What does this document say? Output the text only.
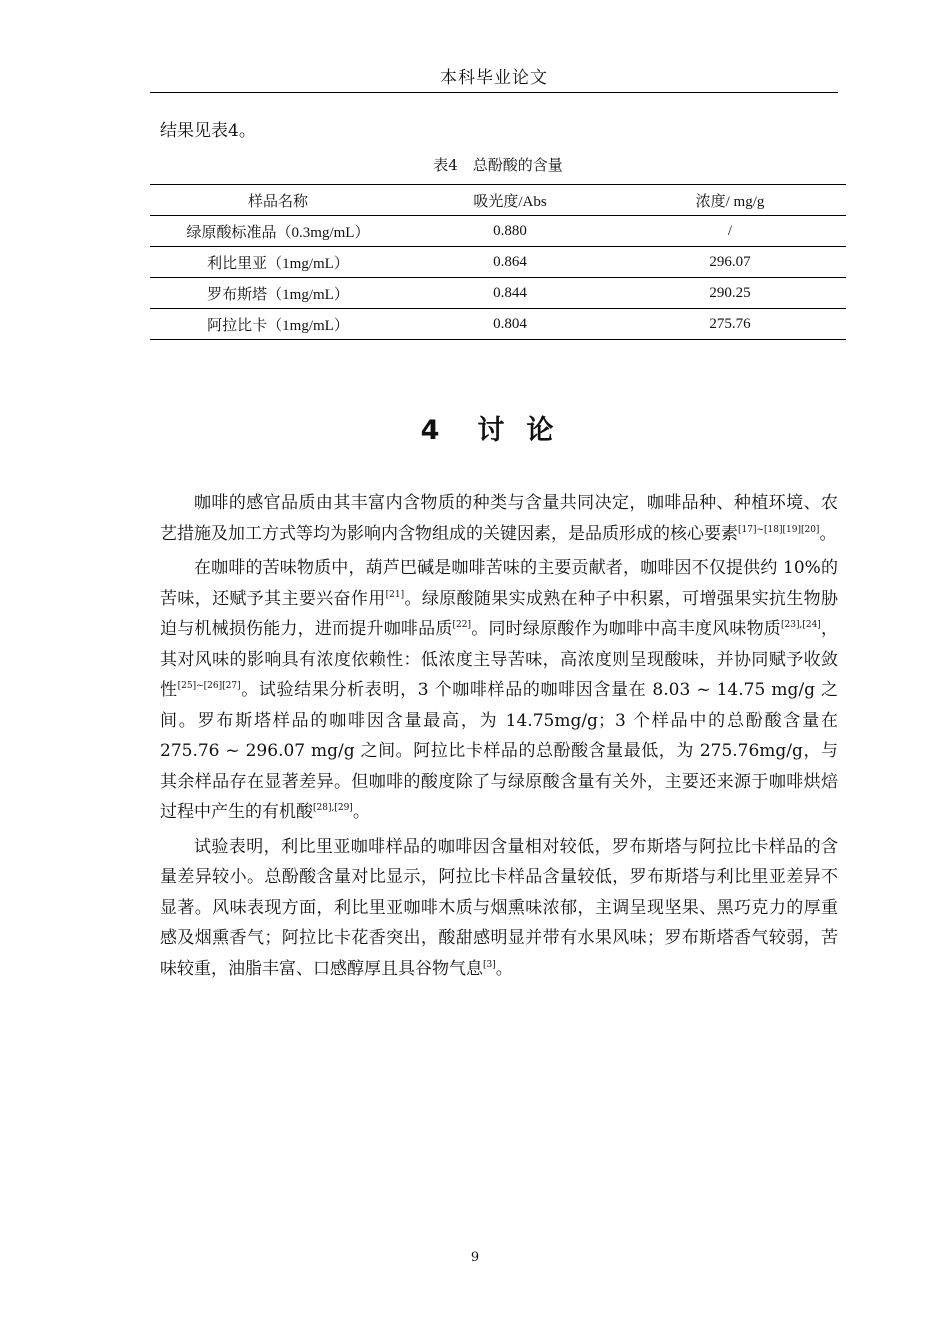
本科毕业论文
结果见表4。
表4　总酚酸的含量
样品名称	吸光度/Abs	浓度/ mg/g
绿原酸标准品（0.3mg/mL）	0.880	/
利比里亚（1mg/mL）	0.864	296.07
罗布斯塔（1mg/mL）	0.844	290.25
阿拉比卡（1mg/mL）	0.804	275.76
4 讨论

咖啡的感官品质由其丰富内含物质的种类与含量共同决定，咖啡品种、种植环境、农艺措施及加工方式等均为影响内含物组成的关键因素，是品质形成的核心要素[17]~[18][19][20]。

在咖啡的苦味物质中，葫芦巴碱是咖啡苦味的主要贡献者，咖啡因不仅提供约 10%的苦味，还赋予其主要兴奋作用[21]。绿原酸随果实成熟在种子中积累，可增强果实抗生物胁迫与机械损伤能力，进而提升咖啡品质[22]。同时绿原酸作为咖啡中高丰度风味物质[23],[24]，其对风味的影响具有浓度依赖性：低浓度主导苦味，高浓度则呈现酸味，并协同赋予收敛性[25]~[26][27]。试验结果分析表明，3 个咖啡样品的咖啡因含量在 8.03 ~ 14.75 mg/g 之间。罗布斯塔样品的咖啡因含量最高，为 14.75mg/g；3 个样品中的总酚酸含量在 275.76 ~ 296.07 mg/g 之间。阿拉比卡样品的总酚酸含量最低，为 275.76mg/g，与其余样品存在显著差异。但咖啡的酸度除了与绿原酸含量有关外，主要还来源于咖啡烘焙过程中产生的有机酸[28],[29]。

试验表明，利比里亚咖啡样品的咖啡因含量相对较低，罗布斯塔与阿拉比卡样品的含量差异较小。总酚酸含量对比显示，阿拉比卡样品含量较低，罗布斯塔与利比里亚差异不显著。风味表现方面，利比里亚咖啡木质与烟熏味浓郁，主调呈现坚果、黑巧克力的厚重感及烟熏香气；阿拉比卡花香突出，酸甜感明显并带有水果风味；罗布斯塔香气较弱，苦味较重，油脂丰富、口感醇厚且具谷物气息[3]。

9
